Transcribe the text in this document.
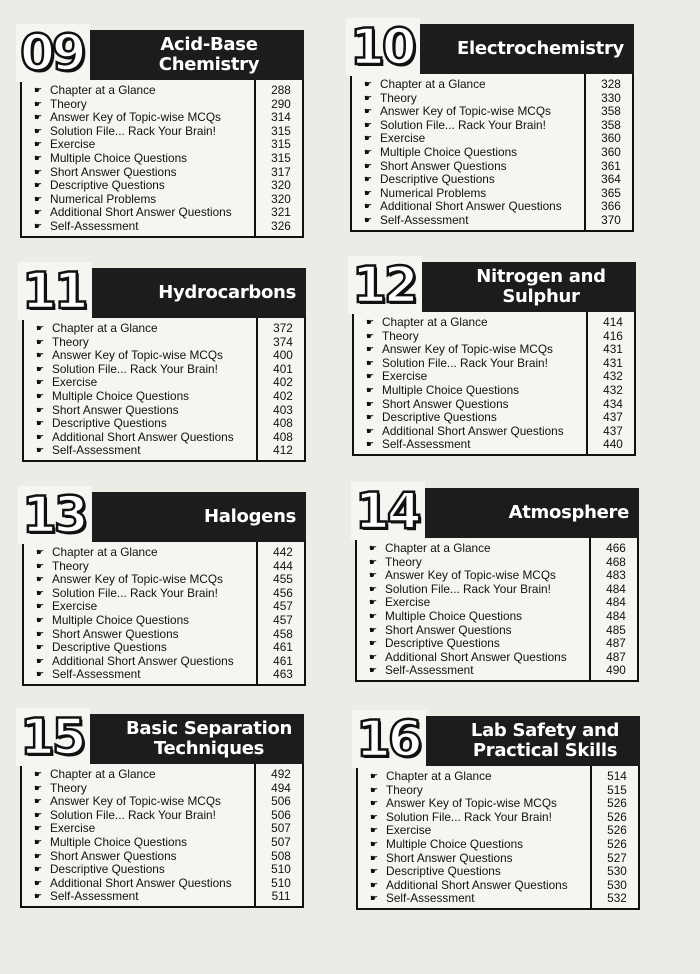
09	Acid-Base Chemistry
☛ Chapter at a Glance	288
☛ Theory	290
☛ Answer Key of Topic-wise MCQs	314
☛ Solution File... Rack Your Brain!	315
☛ Exercise	315
☛ Multiple Choice Questions	315
☛ Short Answer Questions	317
☛ Descriptive Questions	320
☛ Numerical Problems	320
☛ Additional Short Answer Questions	321
☛ Self-Assessment	326
10	Electrochemistry
☛ Chapter at a Glance	328
☛ Theory	330
☛ Answer Key of Topic-wise MCQs	358
☛ Solution File... Rack Your Brain!	358
☛ Exercise	360
☛ Multiple Choice Questions	360
☛ Short Answer Questions	361
☛ Descriptive Questions	364
☛ Numerical Problems	365
☛ Additional Short Answer Questions	366
☛ Self-Assessment	370
11	Hydrocarbons
☛ Chapter at a Glance	372
☛ Theory	374
☛ Answer Key of Topic-wise MCQs	400
☛ Solution File... Rack Your Brain!	401
☛ Exercise	402
☛ Multiple Choice Questions	402
☛ Short Answer Questions	403
☛ Descriptive Questions	408
☛ Additional Short Answer Questions	408
☛ Self-Assessment	412
12	Nitrogen and Sulphur
☛ Chapter at a Glance	414
☛ Theory	416
☛ Answer Key of Topic-wise MCQs	431
☛ Solution File... Rack Your Brain!	431
☛ Exercise	432
☛ Multiple Choice Questions	432
☛ Short Answer Questions	434
☛ Descriptive Questions	437
☛ Additional Short Answer Questions	437
☛ Self-Assessment	440
13	Halogens
☛ Chapter at a Glance	442
☛ Theory	444
☛ Answer Key of Topic-wise MCQs	455
☛ Solution File... Rack Your Brain!	456
☛ Exercise	457
☛ Multiple Choice Questions	457
☛ Short Answer Questions	458
☛ Descriptive Questions	461
☛ Additional Short Answer Questions	461
☛ Self-Assessment	463
14	Atmosphere
☛ Chapter at a Glance	466
☛ Theory	468
☛ Answer Key of Topic-wise MCQs	483
☛ Solution File... Rack Your Brain!	484
☛ Exercise	484
☛ Multiple Choice Questions	484
☛ Short Answer Questions	485
☛ Descriptive Questions	487
☛ Additional Short Answer Questions	487
☛ Self-Assessment	490
15	Basic Separation Techniques
☛ Chapter at a Glance	492
☛ Theory	494
☛ Answer Key of Topic-wise MCQs	506
☛ Solution File... Rack Your Brain!	506
☛ Exercise	507
☛ Multiple Choice Questions	507
☛ Short Answer Questions	508
☛ Descriptive Questions	510
☛ Additional Short Answer Questions	510
☛ Self-Assessment	511
16	Lab Safety and Practical Skills
☛ Chapter at a Glance	514
☛ Theory	515
☛ Answer Key of Topic-wise MCQs	526
☛ Solution File... Rack Your Brain!	526
☛ Exercise	526
☛ Multiple Choice Questions	526
☛ Short Answer Questions	527
☛ Descriptive Questions	530
☛ Additional Short Answer Questions	530
☛ Self-Assessment	532
